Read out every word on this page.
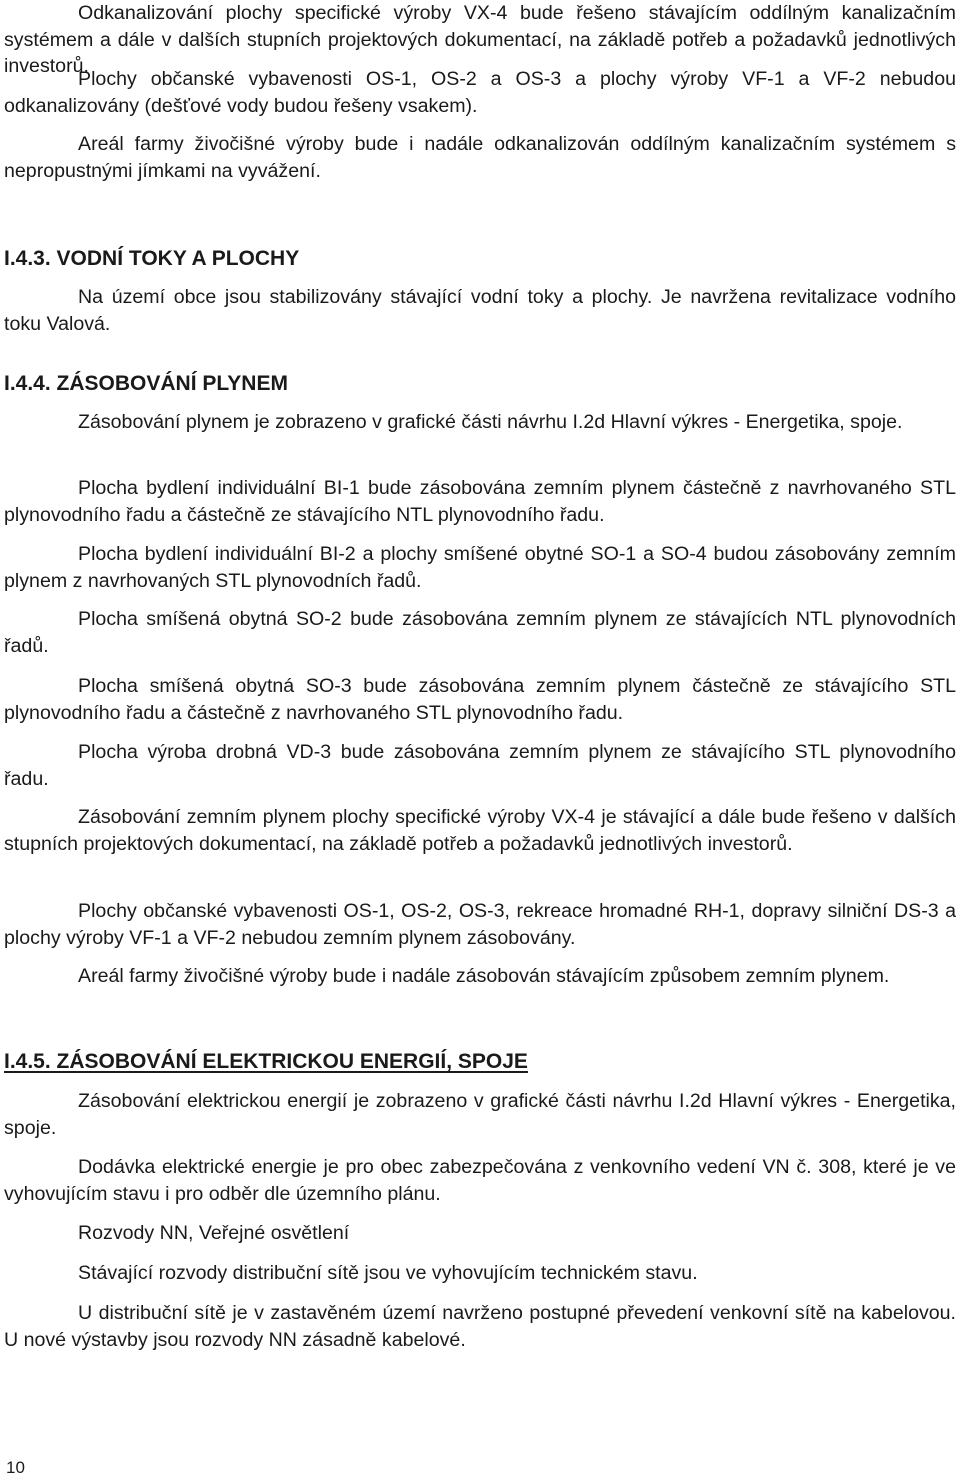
Odkanalizování plochy specifické výroby VX-4 bude řešeno stávajícím oddílným kanalizačním systémem a dále v dalších stupních projektových dokumentací, na základě potřeb a požadavků jednotlivých investorů.

Plochy občanské vybavenosti OS-1, OS-2 a OS-3 a plochy výroby VF-1 a VF-2 nebudou odkanalizovány (dešťové vody budou řešeny vsakem).

Areál farmy živočišné výroby bude i nadále odkanalizován oddílným kanalizačním systémem s nepropustnými jímkami na vyvážení.

I.4.3. VODNÍ TOKY A PLOCHY

Na území obce jsou stabilizovány stávající vodní toky a plochy. Je navržena revitalizace vodního toku Valová.

I.4.4. ZÁSOBOVÁNÍ PLYNEM

Zásobování plynem je zobrazeno v grafické části návrhu I.2d Hlavní výkres - Energetika, spoje.

Plocha bydlení individuální BI-1 bude zásobována zemním plynem částečně z navrhovaného STL plynovodního řadu a částečně ze stávajícího NTL plynovodního řadu.

Plocha bydlení individuální BI-2 a plochy smíšené obytné SO-1 a SO-4 budou zásobovány zemním plynem z navrhovaných STL plynovodních řadů.

Plocha smíšená obytná SO-2 bude zásobována zemním plynem ze stávajících NTL plynovodních řadů.

Plocha smíšená obytná SO-3 bude zásobována zemním plynem částečně ze stávajícího STL plynovodního řadu a částečně z navrhovaného STL plynovodního řadu.

Plocha výroba drobná VD-3 bude zásobována zemním plynem ze stávajícího STL plynovodního řadu.

Zásobování zemním plynem plochy specifické výroby VX-4 je stávající a dále bude řešeno v dalších stupních projektových dokumentací, na základě potřeb a požadavků jednotlivých investorů.

Plochy občanské vybavenosti OS-1, OS-2, OS-3, rekreace hromadné RH-1, dopravy silniční DS-3 a plochy výroby VF-1 a VF-2 nebudou zemním plynem zásobovány.

Areál farmy živočišné výroby bude i nadále zásobován stávajícím způsobem zemním plynem.

I.4.5. ZÁSOBOVÁNÍ ELEKTRICKOU ENERGIÍ, SPOJE

Zásobování elektrickou energií je zobrazeno v grafické části návrhu I.2d Hlavní výkres - Energetika, spoje.

Dodávka elektrické energie je pro obec zabezpečována z venkovního vedení VN č. 308, které je ve vyhovujícím stavu i pro odběr dle územního plánu.

Rozvody NN, Veřejné osvětlení

Stávající rozvody distribuční sítě jsou ve vyhovujícím technickém stavu.

U distribuční sítě je v zastavěném území navrženo postupné převedení venkovní sítě na kabelovou. U nové výstavby jsou rozvody NN zásadně kabelové.

10
